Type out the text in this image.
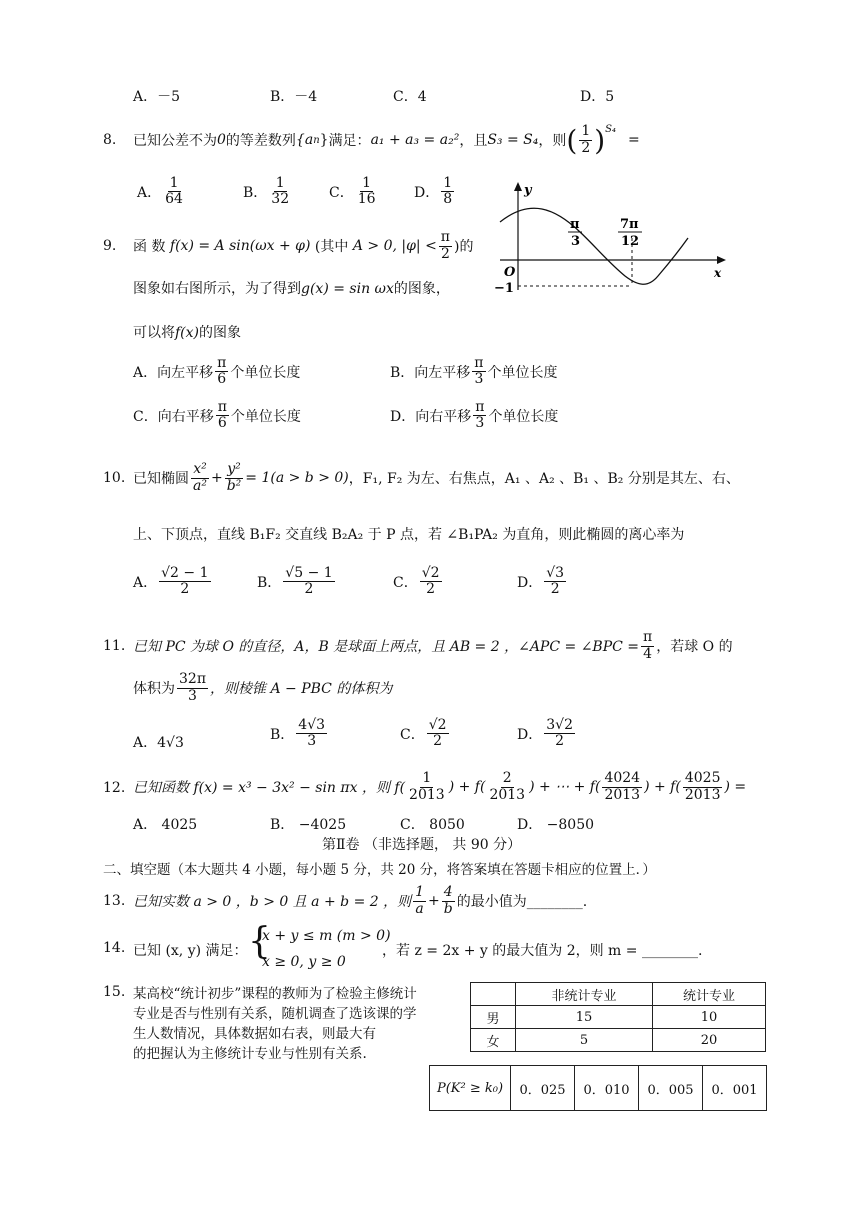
A．－5	B．－4	C．4	D．5
8. 已知公差不为 0 的等差数列 {a n } 满足： a₁ + a₃ = a₂² ，且 S₃ = S₄ ，则 ( $\frac{1}{2}$ ) S₄
=
A． $\frac{1}{64}$	B． $\frac{1}{32}$	C． $\frac{1}{16}$	D． $\frac{1}{8}$
9. 函 数
f(x) = A sin(ωx + φ)
(其中
A > 0, $|\varphi| < \frac{\pi}{2}$ )的
图象如右图所示，为了得到g(x) = sin ωx的图象，
可以将f(x)的图象
A．向左平移 $\frac{\pi}{6}$ 个单位长度	B．向左平移 $\frac{\pi}{3}$ 个单位长度
C．向右平移 $\frac{\pi}{6}$ 个单位长度	D．向右平移 $\frac{\pi}{3}$ 个单位长度
y
x
O
−1
π
3
7π
12
10. 已知椭圆 $\frac{\text{x²}}{\text{a²}} + \frac{\text{y²}}{\text{b²}} = 1(a > b > 0)$ ，F₁, F₂ 为左、右焦点，A₁ 、A₂ 、B₁ 、B₂ 分别是其左、右、
上、下顶点，直线 B₁F₂ 交直线 B₂A₂ 于 P 点，若 ∠B₁PA₂ 为直角，则此椭圆的离心率为
A． $\frac{√2 - 1}{2}$	B． $\frac{√5 - 1}{2}$	C． $\frac{√2}{2}$	D． $\frac{√3}{2}$
11. 已知 PC 为球 O 的直径，A，B 是球面上两点，且 AB = 2 ，∠APC = ∠BPC = $\frac{\pi}{4}$ ，若球 O 的
体积为 $\frac{32\pi}{3}$ ，则棱锥 A − PBC 的体积为
A．4√3
B． $\frac{4√3}{3}$	C． $\frac{√2}{2}$	D． $\frac{3√2}{2}$
12. 已知函数 f(x) = x³ − 3x² − sin πx ，则 $f( \frac{1}{2013}$ ) + $f( \frac{2}{2013}$ ) + ⋯ + $f( \frac{4024}{2013}$ ) + $f( \frac{4025}{2013}$ ) =
A． 4025	B． −4025	C． 8050	D． −8050
第Ⅱ卷 （非选择题， 共 90 分）
二、填空题（本大题共 4 小题，每小题 5 分，共 20 分，将答案填在答题卡相应的位置上．）
13. 已知实数 a > 0 ，b > 0 且 a + b = 2 ，则 $\frac{1}{a} + \frac{4}{b}$ 的最小值为________.
14. 已知 (x, y) 满足： {
x + y ≤ m (m > 0)
x ≥ 0, y ≥ 0
，若 z = 2x + y 的最大值为 2，则 m = ________.
15. 某高校“统计初步”课程的教师为了检验主修统计
专业是否与性别有关系，随机调查了选该课的学
生人数情况，具体数据如右表，则最大有
的把握认为主修统计专业与性别有关系.
	非统计专业	统计专业
男	15	10
女	5	20
P(K² ≥ k₀)	0．025	0．010	0．005	0．001
